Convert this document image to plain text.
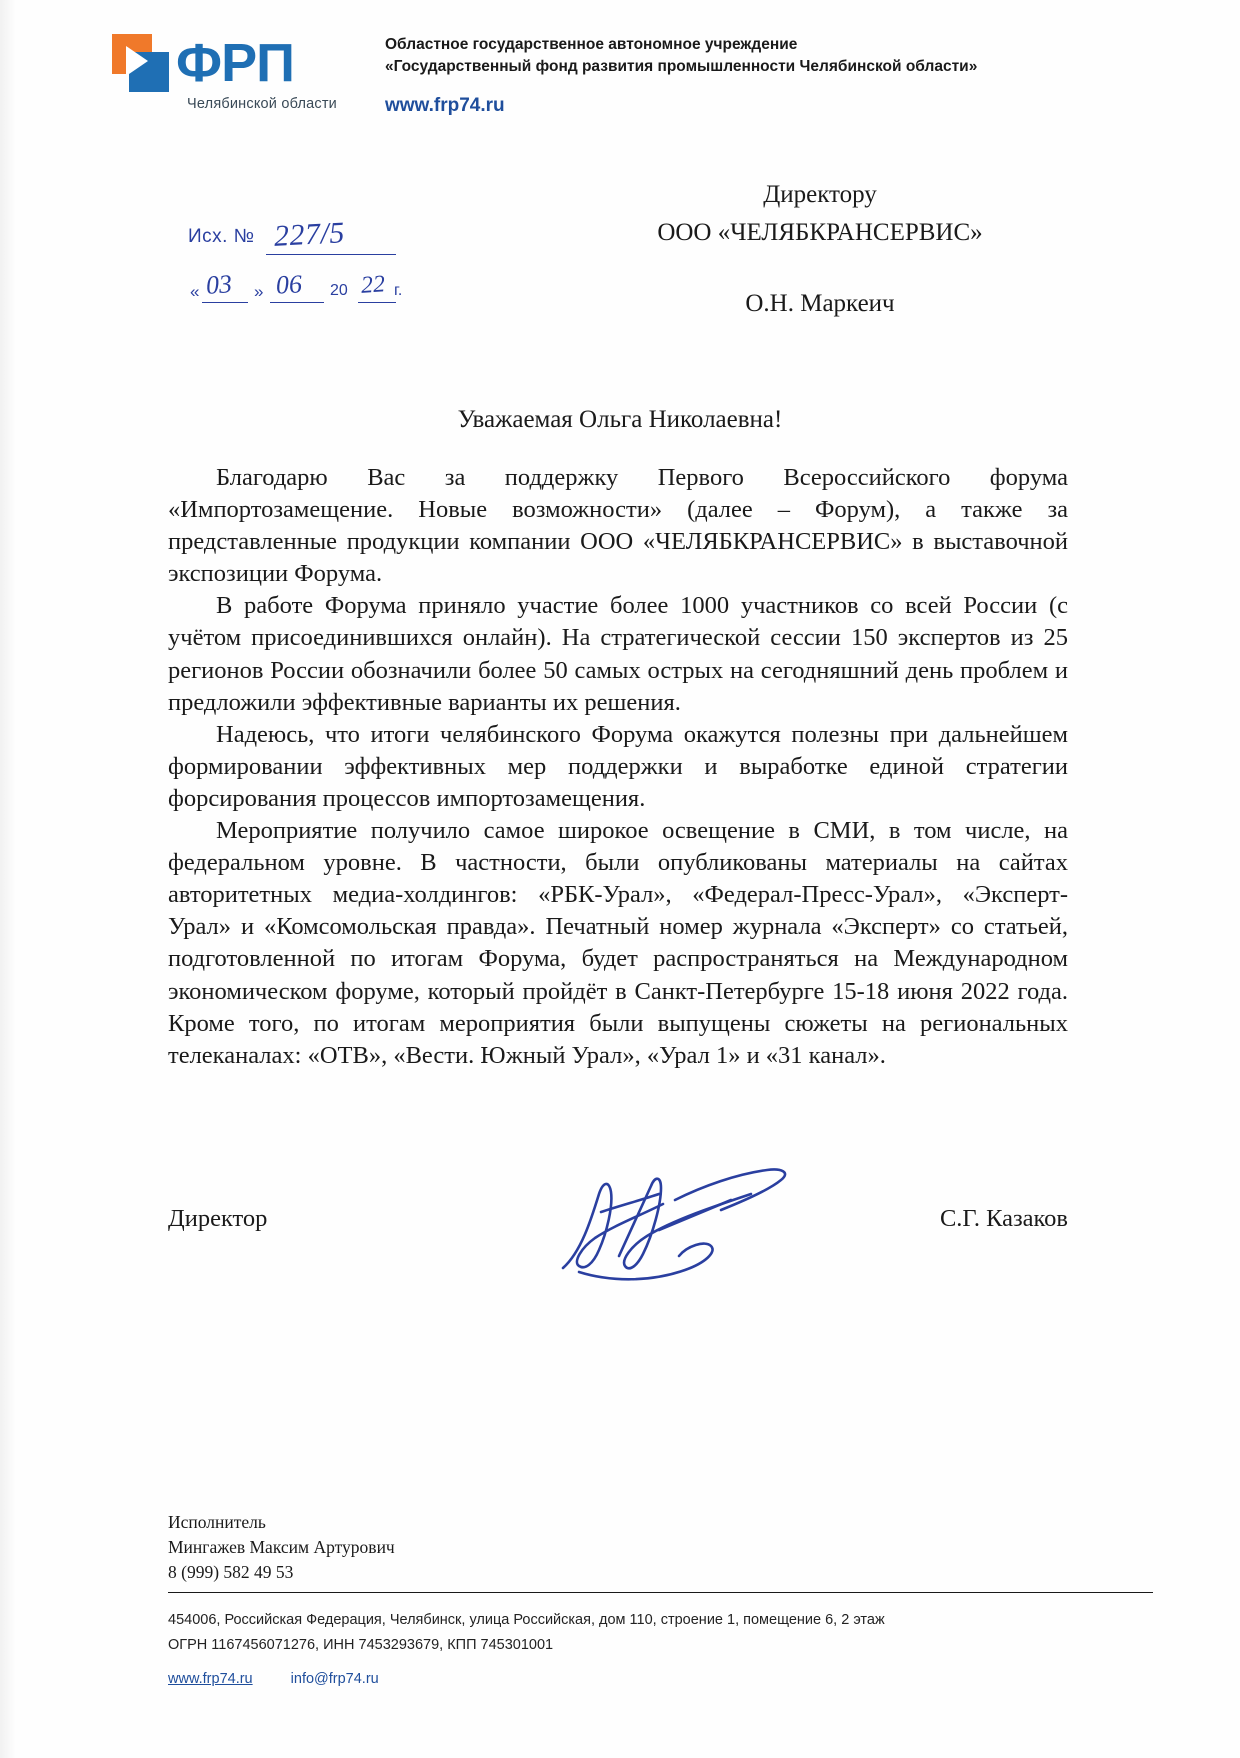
ФРП
Челябинской области
Областное государственное автономное учреждение
«Государственный фонд развития промышленности Челябинской области»
www.frp74.ru
Исх. № 227/5
« 03 » 06 20 22 г.
Директору
ООО «ЧЕЛЯБКРАНСЕРВИС»
О.Н. Маркеич
Уважаемая Ольга Николаевна!

Благодарю Вас за поддержку Первого Всероссийского форума «Импортозамещение. Новые возможности» (далее – Форум), а также за представленные продукции компании ООО «ЧЕЛЯБКРАНСЕРВИС» в выставочной экспозиции Форума.

В работе Форума приняло участие более 1000 участников со всей России (с учётом присоединившихся онлайн). На стратегической сессии 150 экспертов из 25 регионов России обозначили более 50 самых острых на сегодняшний день проблем и предложили эффективные варианты их решения.

Надеюсь, что итоги челябинского Форума окажутся полезны при дальнейшем формировании эффективных мер поддержки и выработке единой стратегии форсирования процессов импортозамещения.

Мероприятие получило самое широкое освещение в СМИ, в том числе, на федеральном уровне. В частности, были опубликованы материалы на сайтах авторитетных медиа-холдингов: «РБК-Урал», «Федерал-Пресс-Урал», «Эксперт-Урал» и «Комсомольская правда». Печатный номер журнала «Эксперт» со статьей, подготовленной по итогам Форума, будет распространяться на Международном экономическом форуме, который пройдёт в Санкт-Петербурге 15-18 июня 2022 года. Кроме того, по итогам мероприятия были выпущены сюжеты на региональных телеканалах: «ОТВ», «Вести. Южный Урал», «Урал 1» и «31 канал».

Директор	С.Г. Казаков
Исполнитель
Мингажев Максим Артурович
8 (999) 582 49 53
454006, Российская Федерация, Челябинск, улица Российская, дом 110, строение 1, помещение 6, 2 этаж
ОГРН 1167456071276, ИНН 7453293679, КПП 745301001
www.frp74.ru	info@frp74.ru
